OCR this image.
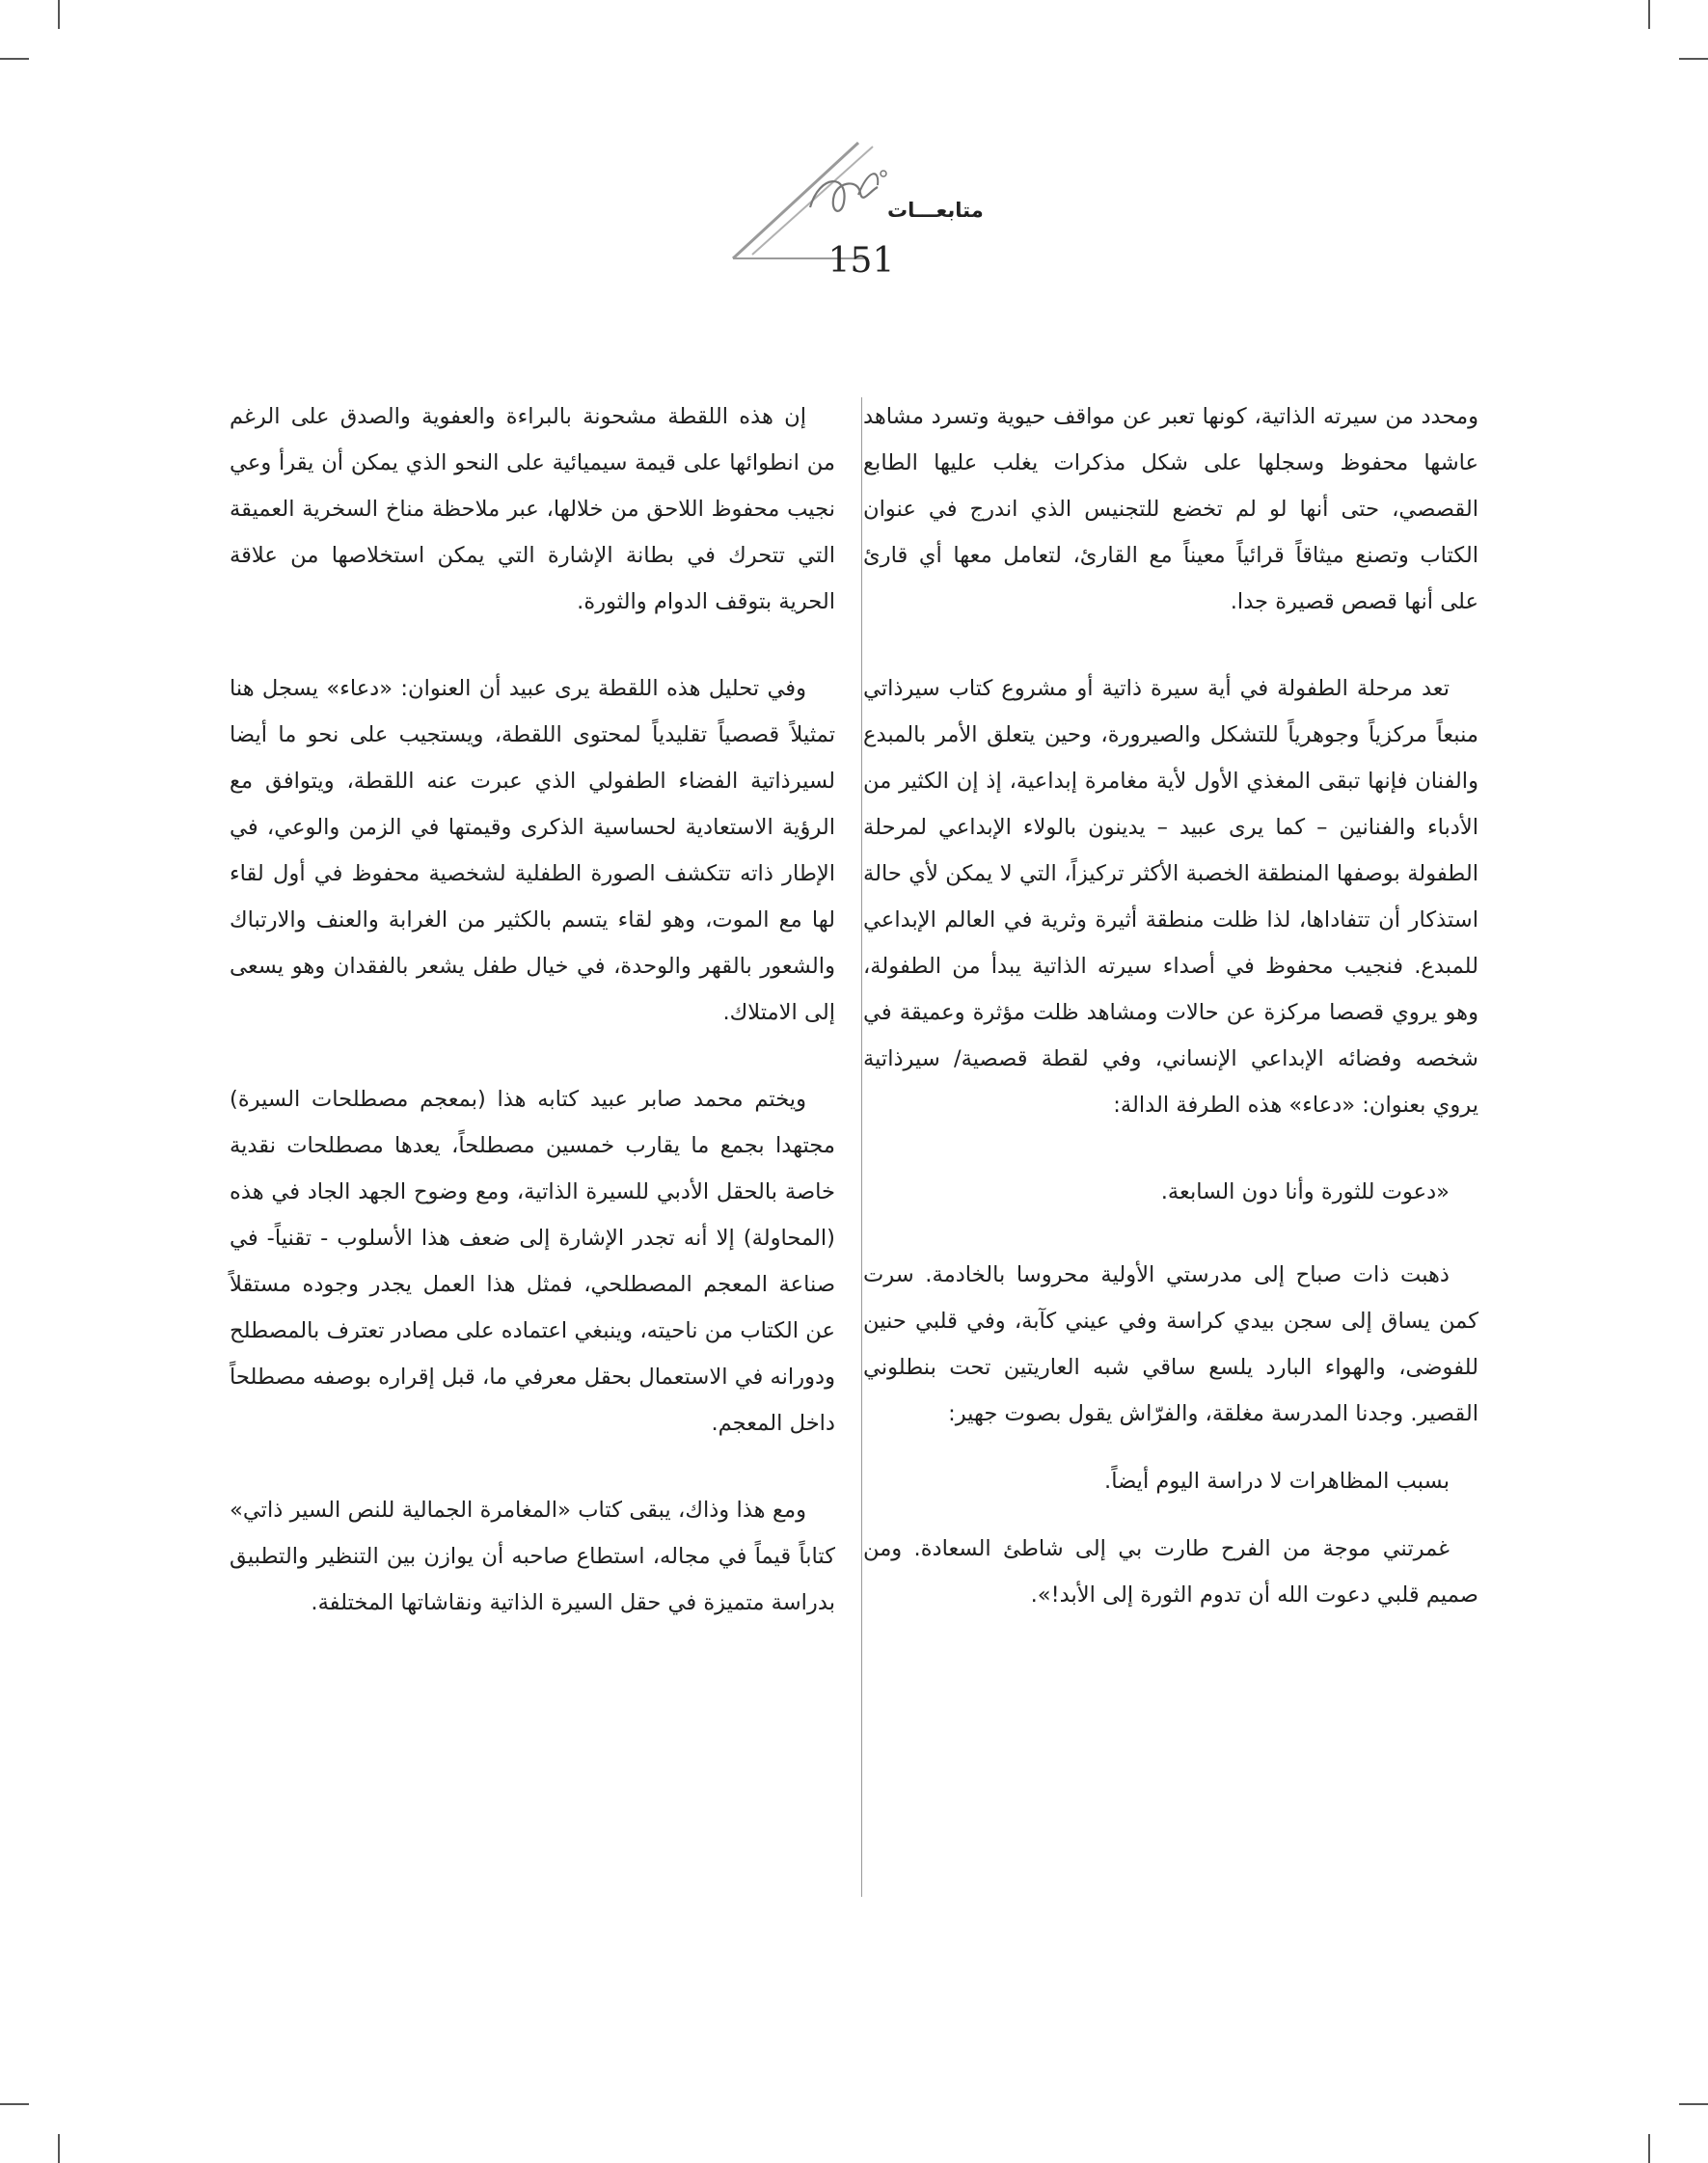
متابعـــات
151

ومحدد من سيرته الذاتية، كونها تعبر عن مواقف حيوية وتسرد مشاهد عاشها محفوظ وسجلها على شكل مذكرات يغلب عليها الطابع القصصي، حتى أنها لو لم تخضع للتجنيس الذي اندرج في عنوان الكتاب وتصنع ميثاقاً قرائياً معيناً مع القارئ، لتعامل معها أي قارئ على أنها قصص قصيرة جدا.

تعد مرحلة الطفولة في أية سيرة ذاتية أو مشروع كتاب سيرذاتي منبعاً مركزياً وجوهرياً للتشكل والصيرورة، وحين يتعلق الأمر بالمبدع والفنان فإنها تبقى المغذي الأول لأية مغامرة إبداعية، إذ إن الكثير من الأدباء والفنانين – كما يرى عبيد – يدينون بالولاء الإبداعي لمرحلة الطفولة بوصفها المنطقة الخصبة الأكثر تركيزاً، التي لا يمكن لأي حالة استذكار أن تتفاداها، لذا ظلت منطقة أثيرة وثرية في العالم الإبداعي للمبدع. فنجيب محفوظ في أصداء سيرته الذاتية يبدأ من الطفولة، وهو يروي قصصا مركزة عن حالات ومشاهد ظلت مؤثرة وعميقة في شخصه وفضائه الإبداعي الإنساني، وفي لقطة قصصية/ سيرذاتية يروي بعنوان: «دعاء» هذه الطرفة الدالة:

«دعوت للثورة وأنا دون السابعة.

ذهبت ذات صباح إلى مدرستي الأولية محروسا بالخادمة. سرت كمن يساق إلى سجن بيدي كراسة وفي عيني كآبة، وفي قلبي حنين للفوضى، والهواء البارد يلسع ساقي شبه العاريتين تحت بنطلوني القصير. وجدنا المدرسة مغلقة، والفرّاش يقول بصوت جهير:

بسبب المظاهرات لا دراسة اليوم أيضاً.

غمرتني موجة من الفرح طارت بي إلى شاطئ السعادة. ومن صميم قلبي دعوت الله أن تدوم الثورة إلى الأبد!».

إن هذه اللقطة مشحونة بالبراءة والعفوية والصدق على الرغم من انطوائها على قيمة سيميائية على النحو الذي يمكن أن يقرأ وعي نجيب محفوظ اللاحق من خلالها، عبر ملاحظة مناخ السخرية العميقة التي تتحرك في بطانة الإشارة التي يمكن استخلاصها من علاقة الحرية بتوقف الدوام والثورة.

وفي تحليل هذه اللقطة يرى عبيد أن العنوان: «دعاء» يسجل هنا تمثيلاً قصصياً تقليدياً لمحتوى اللقطة، ويستجيب على نحو ما أيضا لسيرذاتية الفضاء الطفولي الذي عبرت عنه اللقطة، ويتوافق مع الرؤية الاستعادية لحساسية الذكرى وقيمتها في الزمن والوعي، في الإطار ذاته تتكشف الصورة الطفلية لشخصية محفوظ في أول لقاء لها مع الموت، وهو لقاء يتسم بالكثير من الغرابة والعنف والارتباك والشعور بالقهر والوحدة، في خيال طفل يشعر بالفقدان وهو يسعى إلى الامتلاك.

ويختم محمد صابر عبيد كتابه هذا (بمعجم مصطلحات السيرة) مجتهدا بجمع ما يقارب خمسين مصطلحاً، يعدها مصطلحات نقدية خاصة بالحقل الأدبي للسيرة الذاتية، ومع وضوح الجهد الجاد في هذه (المحاولة) إلا أنه تجدر الإشارة إلى ضعف هذا الأسلوب - تقنياً- في صناعة المعجم المصطلحي، فمثل هذا العمل يجدر وجوده مستقلاً عن الكتاب من ناحيته، وينبغي اعتماده على مصادر تعترف بالمصطلح ودورانه في الاستعمال بحقل معرفي ما، قبل إقراره بوصفه مصطلحاً داخل المعجم.

ومع هذا وذاك، يبقى كتاب «المغامرة الجمالية للنص السير ذاتي» كتاباً قيماً في مجاله، استطاع صاحبه أن يوازن بين التنظير والتطبيق بدراسة متميزة في حقل السيرة الذاتية ونقاشاتها المختلفة.
